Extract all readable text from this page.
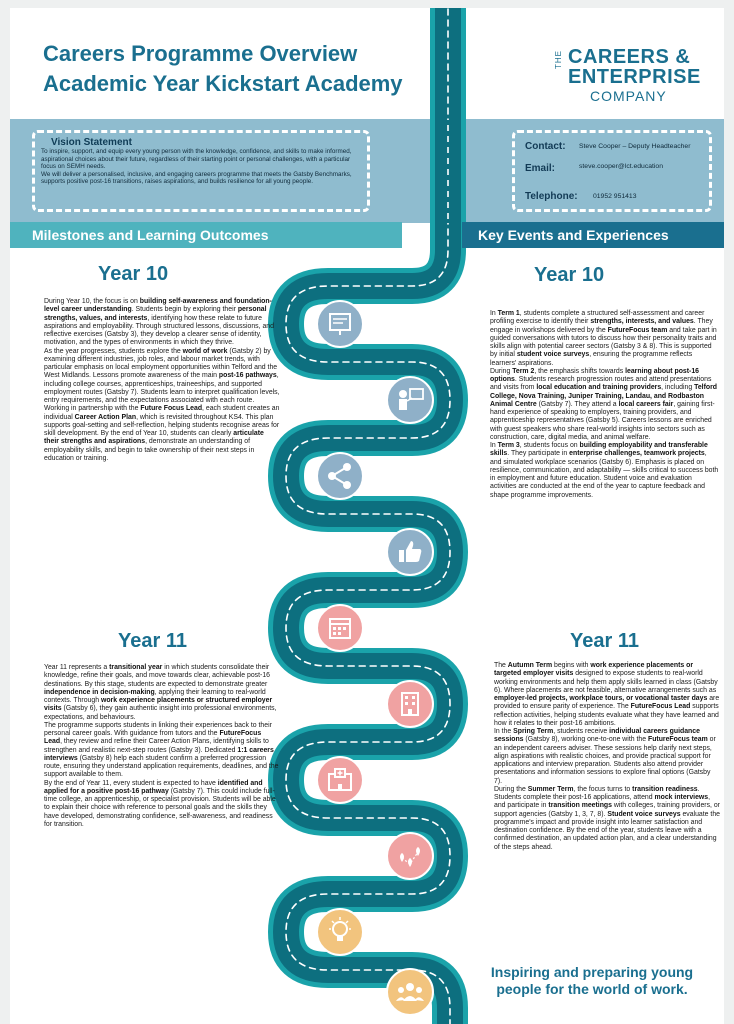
Careers Programme Overview
Academic Year Kickstart Academy
THE CAREERS &
ENTERPRISE
COMPANY
Vision Statement
To inspire, support, and equip every young person with the knowledge, confidence, and skills to make informed, aspirational choices about their future, regardless of their starting point or personal challenges, with a particular focus on SEMH needs.
We will deliver a personalised, inclusive, and engaging careers programme that meets the Gatsby Benchmarks, supports positive post-16 transitions, raises aspirations, and builds resilience for all young people.
Contact: Steve Cooper – Deputy Headteacher
Email:	steve.cooper@lct.education
Telephone: 01952 951413
Milestones and Learning Outcomes	Key Events and Experiences
Year 10

During Year 10, the focus is on building self-awareness and foundation-level career understanding. Students begin by exploring their personal strengths, values, and interests, identifying how these relate to future aspirations and employability. Through structured lessons, discussions, and reflective exercises (Gatsby 3), they develop a clearer sense of identity, motivation, and the types of environments in which they thrive.

As the year progresses, students explore the world of work (Gatsby 2) by examining different industries, job roles, and labour market trends, with particular emphasis on local employment opportunities within Telford and the West Midlands. Lessons promote awareness of the main post-16 pathways, including college courses, apprenticeships, traineeships, and supported employment routes (Gatsby 7). Students learn to interpret qualification levels, entry requirements, and the expectations associated with each route.

Working in partnership with the Future Focus Lead, each student creates an individual Career Action Plan, which is revisited throughout KS4. This plan supports goal-setting and self-reflection, helping students recognise areas for skill development. By the end of Year 10, students can clearly articulate their strengths and aspirations, demonstrate an understanding of employability skills, and begin to take ownership of their next steps in education or training.

Year 11

Year 11 represents a transitional year in which students consolidate their knowledge, refine their goals, and move towards clear, achievable post-16 destinations. By this stage, students are expected to demonstrate greater independence in decision-making, applying their learning to real-world contexts. Through work experience placements or structured employer visits (Gatsby 6), they gain authentic insight into professional environments, expectations, and behaviours.

The programme supports students in linking their experiences back to their personal career goals. With guidance from tutors and the FutureFocus Lead, they review and refine their Career Action Plans, identifying skills to strengthen and realistic next-step routes (Gatsby 3). Dedicated 1:1 careers interviews (Gatsby 8) help each student confirm a preferred progression route, ensuring they understand application requirements, deadlines, and the support available to them.

By the end of Year 11, every student is expected to have identified and applied for a positive post-16 pathway (Gatsby 7). This could include full-time college, an apprenticeship, or specialist provision. Students will be able to explain their choice with reference to personal goals and the skills they have developed, demonstrating confidence, self-awareness, and readiness for transition.

Year 10

In Term 1, students complete a structured self-assessment and career profiling exercise to identify their strengths, interests, and values. They engage in workshops delivered by the FutureFocus team and take part in guided conversations with tutors to discuss how their personality traits and skills align with potential career sectors (Gatsby 3 & 8). This is supported by initial student voice surveys, ensuring the programme reflects learners' aspirations.

During Term 2, the emphasis shifts towards learning about post-16 options. Students research progression routes and attend presentations and visits from local education and training providers, including Telford College, Nova Training, Juniper Training, Landau, and Rodbaston Animal Centre (Gatsby 7). They attend a local careers fair, gaining first-hand experience of speaking to employers, training providers, and apprenticeship representatives (Gatsby 5). Careers lessons are enriched with guest speakers who share real-world insights into sectors such as construction, care, digital media, and animal welfare.

In Term 3, students focus on building employability and transferable skills. They participate in enterprise challenges, teamwork projects, and simulated workplace scenarios (Gatsby 6). Emphasis is placed on resilience, communication, and adaptability — skills critical to success both in employment and future education. Student voice and evaluation activities are conducted at the end of the year to capture feedback and shape programme improvements.

Year 11

The Autumn Term begins with work experience placements or targeted employer visits designed to expose students to real-world working environments and help them apply skills learned in class (Gatsby 6). Where placements are not feasible, alternative arrangements such as employer-led projects, workplace tours, or vocational taster days are provided to ensure parity of experience. The FutureFocus Lead supports reflection activities, helping students evaluate what they have learned and how it relates to their post-16 ambitions.

In the Spring Term, students receive individual careers guidance sessions (Gatsby 8), working one-to-one with the FutureFocus team or an independent careers adviser. These sessions help clarify next steps, align aspirations with realistic choices, and provide practical support for applications and interview preparation. Students also attend provider presentations and information sessions to explore final options (Gatsby 7).

During the Summer Term, the focus turns to transition readiness. Students complete their post-16 applications, attend mock interviews, and participate in transition meetings with colleges, training providers, or support agencies (Gatsby 1, 3, 7, 8). Student voice surveys evaluate the programme's impact and provide insight into learner satisfaction and destination confidence. By the end of the year, students leave with a confirmed destination, an updated action plan, and a clear understanding of the steps ahead.

Inspiring and preparing young people for the world of work.
